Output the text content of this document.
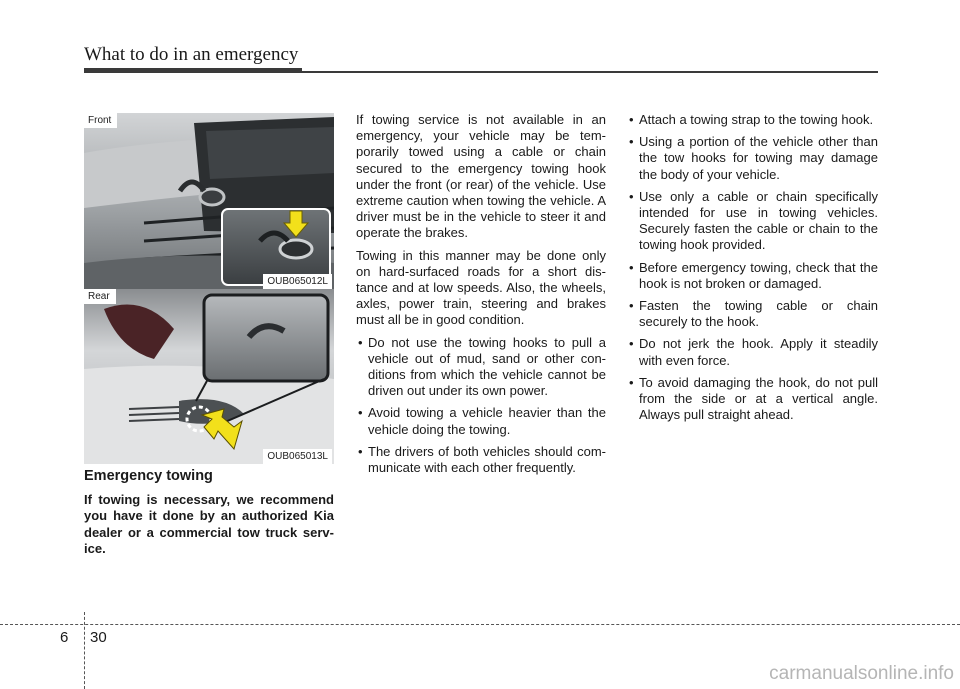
What to do in an emergency
Front
OUB065012L
Rear
OUB065013L
Emergency towing

If towing is necessary, we recommend you have it done by an authorized Kia dealer or a commercial tow truck serv-ice.

If towing service is not available in an emergency, your vehicle may be tem-porarily towed using a cable or chain secured to the emergency towing hook under the front (or rear) of the vehicle. Use extreme caution when towing the vehicle. A driver must be in the vehicle to steer it and operate the brakes.

Towing in this manner may be done only on hard-surfaced roads for a short dis-tance and at low speeds. Also, the wheels, axles, power train, steering and brakes must all be in good condition.

• Do not use the towing hooks to pull a vehicle out of mud, sand or other con-ditions from which the vehicle cannot be driven out under its own power.
• Avoid towing a vehicle heavier than the vehicle doing the towing.
• The drivers of both vehicles should com-municate with each other frequently.
• Attach a towing strap to the towing hook.
• Using a portion of the vehicle other than the tow hooks for towing may damage the body of your vehicle.
• Use only a cable or chain specifically intended for use in towing vehicles. Securely fasten the cable or chain to the towing hook provided.
• Before emergency towing, check that the hook is not broken or damaged.
• Fasten the towing cable or chain securely to the hook.
• Do not jerk the hook. Apply it steadily with even force.
• To avoid damaging the hook, do not pull from the side or at a vertical angle. Always pull straight ahead.
6 30
carmanualsonline.info
